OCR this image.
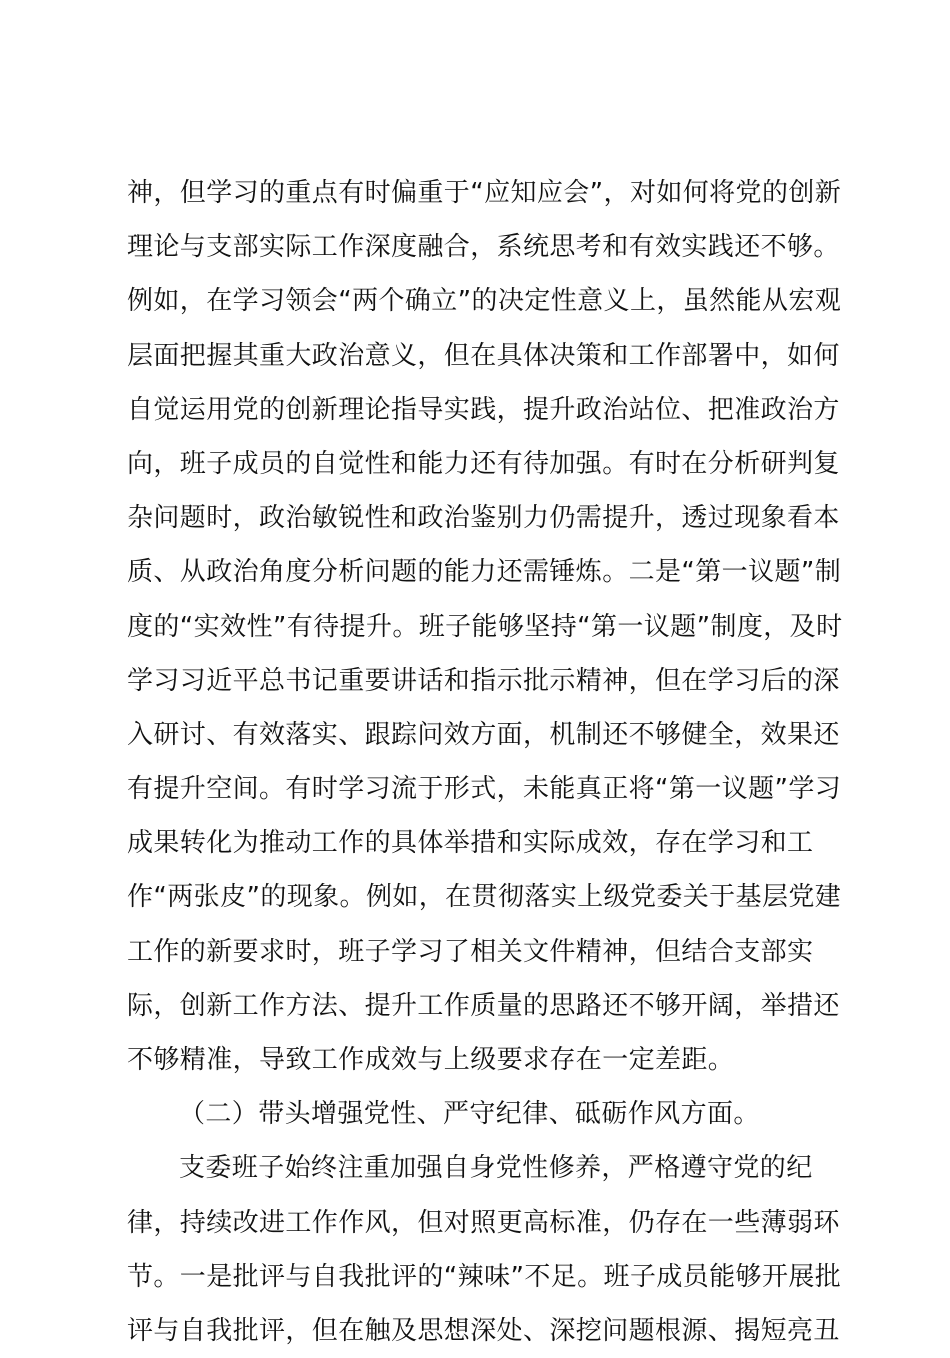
神，但学习的重点有时偏重于“应知应会”，对如何将党的创新
理论与支部实际工作深度融合，系统思考和有效实践还不够。
例如，在学习领会“两个确立”的决定性意义上，虽然能从宏观
层面把握其重大政治意义，但在具体决策和工作部署中，如何
自觉运用党的创新理论指导实践，提升政治站位、把准政治方
向，班子成员的自觉性和能力还有待加强。有时在分析研判复
杂问题时，政治敏锐性和政治鉴别力仍需提升，透过现象看本
质、从政治角度分析问题的能力还需锤炼。二是“第一议题”制
度的“实效性”有待提升。班子能够坚持“第一议题”制度，及时
学习习近平总书记重要讲话和指示批示精神，但在学习后的深
入研讨、有效落实、跟踪问效方面，机制还不够健全，效果还
有提升空间。有时学习流于形式，未能真正将“第一议题”学习
成果转化为推动工作的具体举措和实际成效，存在学习和工
作“两张皮”的现象。例如，在贯彻落实上级党委关于基层党建
工作的新要求时，班子学习了相关文件精神，但结合支部实
际，创新工作方法、提升工作质量的思路还不够开阔，举措还
不够精准，导致工作成效与上级要求存在一定差距。
（二）带头增强党性、严守纪律、砥砺作风方面。
支委班子始终注重加强自身党性修养，严格遵守党的纪
律，持续改进工作作风，但对照更高标准，仍存在一些薄弱环
节。一是批评与自我批评的“辣味”不足。班子成员能够开展批
评与自我批评，但在触及思想深处、深挖问题根源、揭短亮丑
